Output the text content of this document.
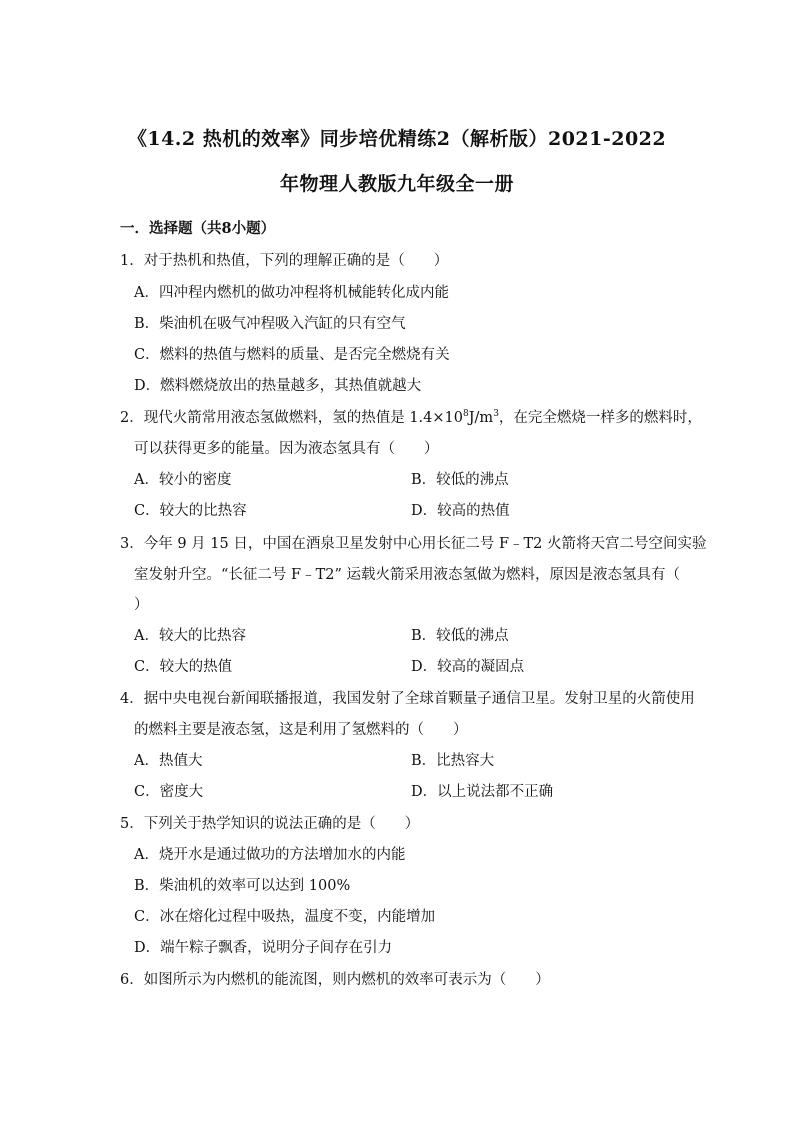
《14.2 热机的效率》同步培优精练2（解析版）2021-2022
年物理人教版九年级全一册
一．选择题（共8小题）
1．对于热机和热值，下列的理解正确的是（　　）
A．四冲程内燃机的做功冲程将机械能转化成内能
B．柴油机在吸气冲程吸入汽缸的只有空气
C．燃料的热值与燃料的质量、是否完全燃烧有关
D．燃料燃烧放出的热量越多，其热值就越大
2．现代火箭常用液态氢做燃料，氢的热值是 $1.4\times 10^8J/m^3$，在完全燃烧一样多的燃料时，
可以获得更多的能量。因为液态氢具有（　　）
A．较小的密度	B．较低的沸点
C．较大的比热容	D．较高的热值
3．今年 9 月 15 日，中国在酒泉卫星发射中心用长征二号 F﹣T2 火箭将天宫二号空间实验
室发射升空。“长征二号 F﹣T2” 运载火箭采用液态氢做为燃料，原因是液态氢具有（
）
A．较大的比热容	B．较低的沸点
C．较大的热值	D．较高的凝固点
4．据中央电视台新闻联播报道，我国发射了全球首颗量子通信卫星。发射卫星的火箭使用
的燃料主要是液态氢，这是利用了氢燃料的（　　）
A．热值大	B．比热容大
C．密度大	D．以上说法都不正确
5．下列关于热学知识的说法正确的是（　　）
A．烧开水是通过做功的方法增加水的内能
B．柴油机的效率可以达到 100%
C．冰在熔化过程中吸热，温度不变，内能增加
D．端午粽子飘香，说明分子间存在引力
6．如图所示为内燃机的能流图，则内燃机的效率可表示为（　　）
